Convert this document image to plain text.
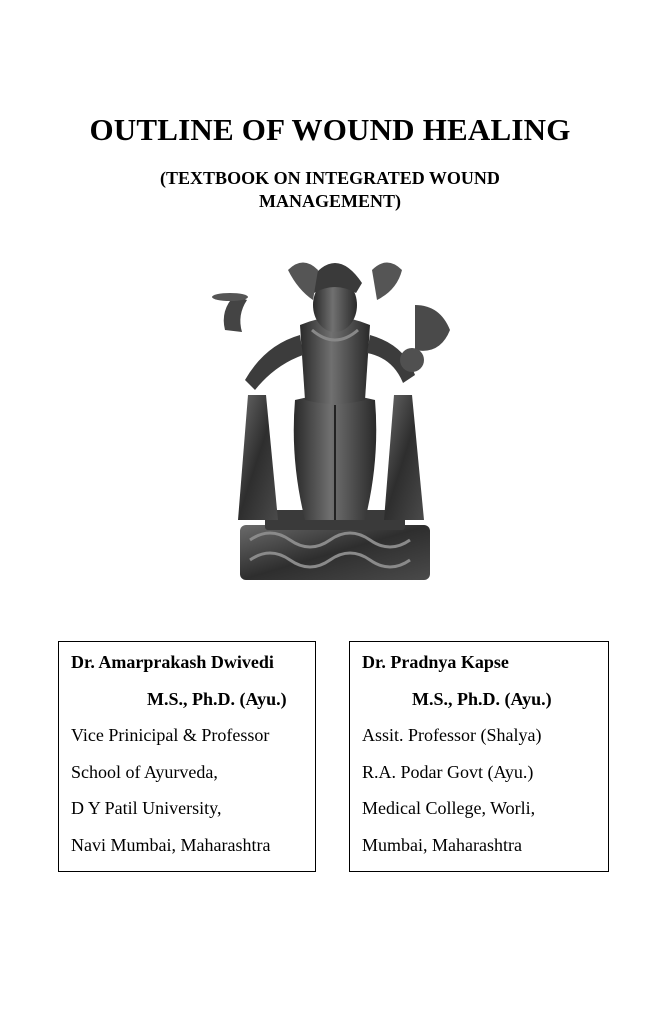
OUTLINE OF WOUND HEALING
(TEXTBOOK ON INTEGRATED WOUND MANAGEMENT)
Dr. Amarprakash Dwivedi
M.S., Ph.D. (Ayu.)
Vice Prinicipal & Professor
School of Ayurveda,
D Y Patil University,
Navi Mumbai, Maharashtra
Dr. Pradnya Kapse
M.S., Ph.D. (Ayu.)
Assit. Professor (Shalya)
R.A. Podar Govt (Ayu.)
Medical College, Worli,
Mumbai, Maharashtra
